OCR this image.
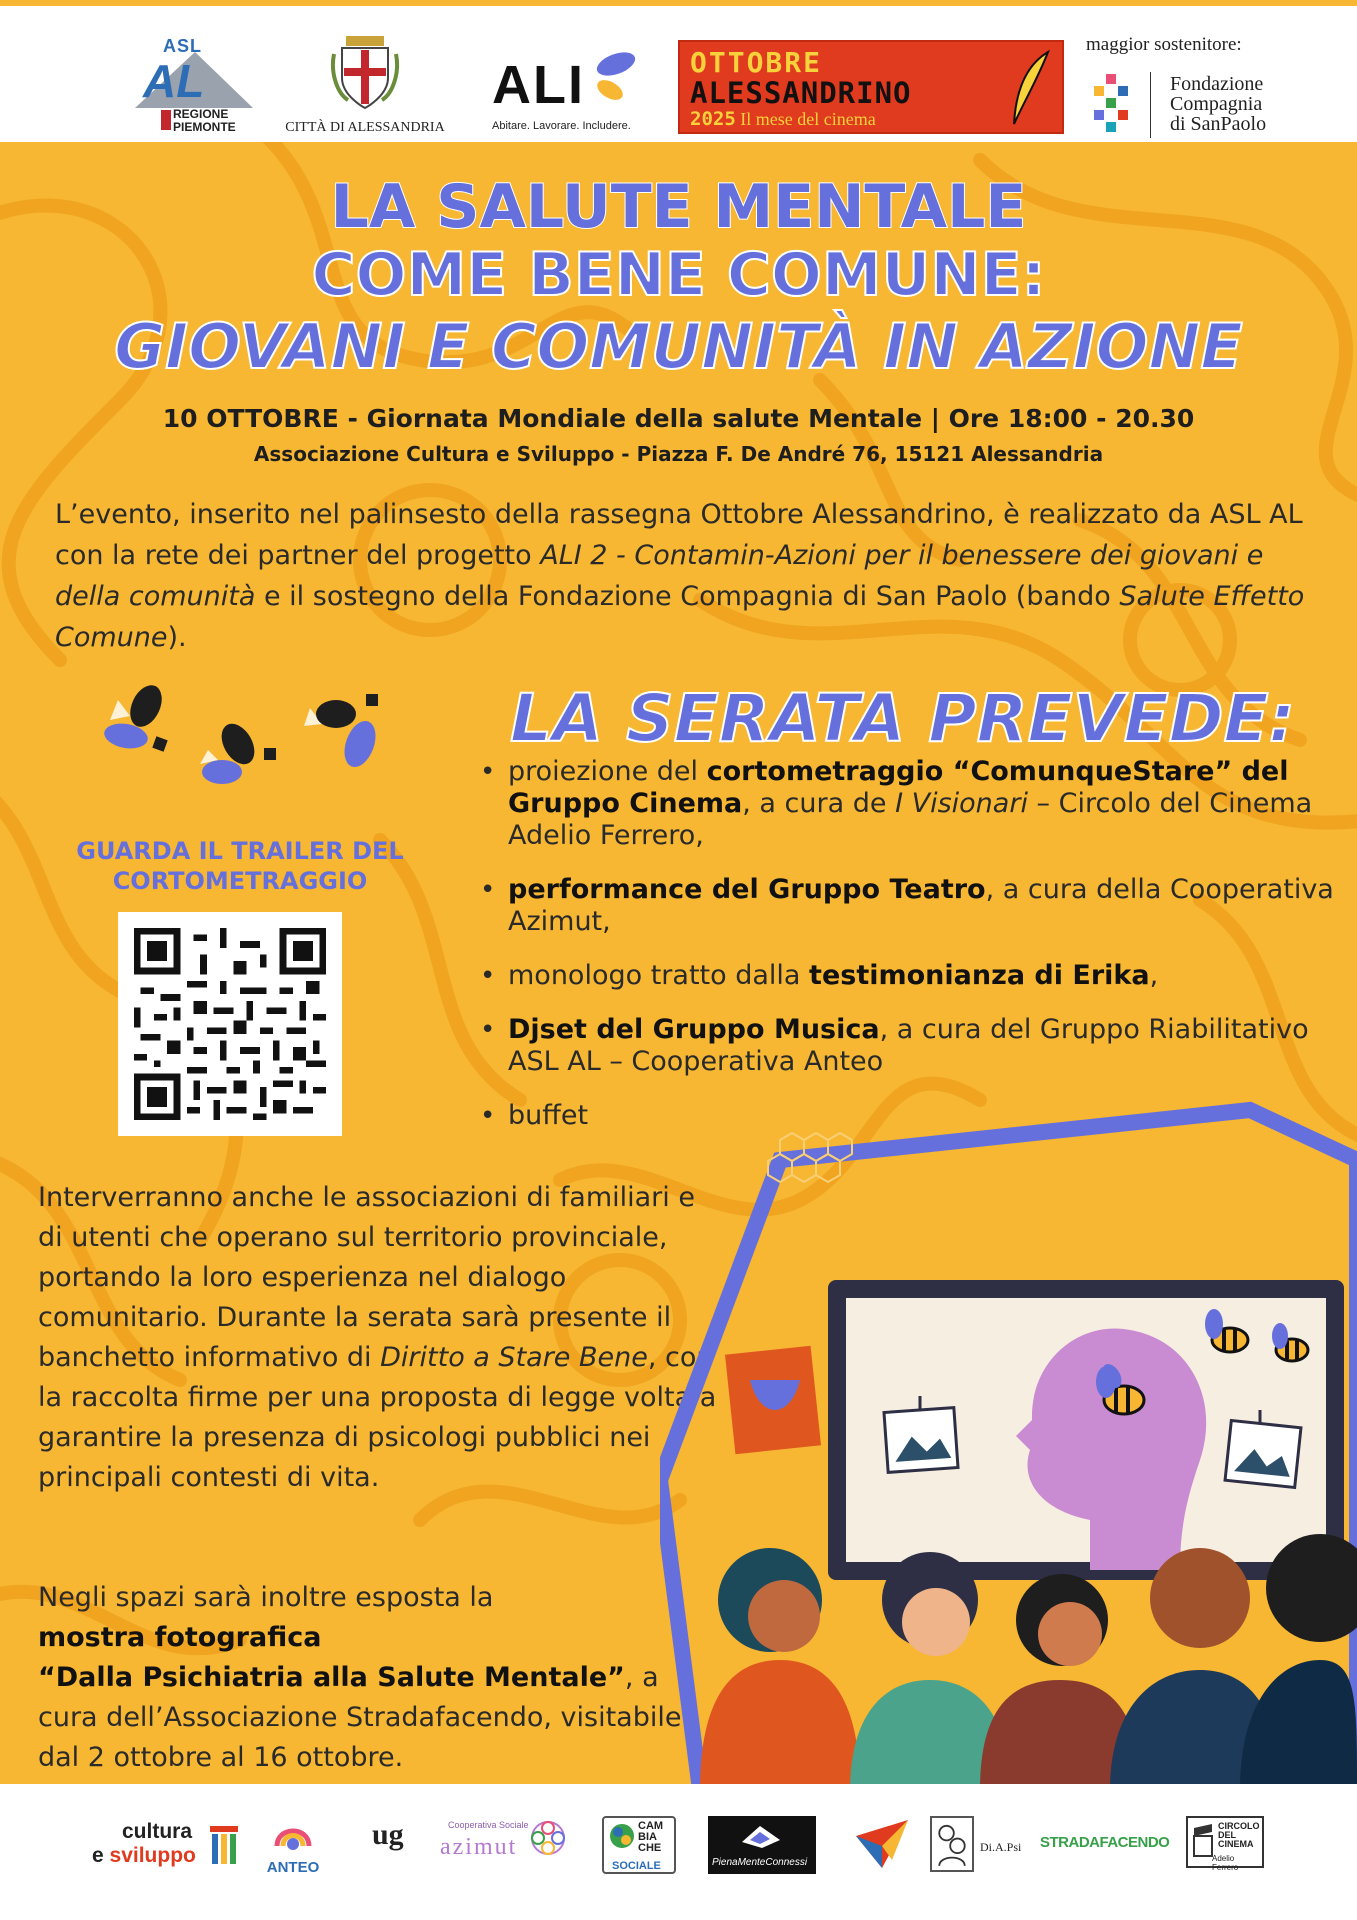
ASL
AL
REGIONE
PIEMONTE	CITTÀ DI ALESSANDRIA
ALI
Abitare. Lavorare. Includere.
OTTOBRE
ALESSANDRINO
2025 Il mese del cinema
maggior sostenitore:
Fondazione
Compagnia
di SanPaolo
LA SALUTE MENTALE
COME BENE COMUNE:
GIOVANI E COMUNITÀ IN AZIONE
10 OTTOBRE - Giornata Mondiale della salute Mentale | Ore 18:00 - 20.30
Associazione Cultura e Sviluppo - Piazza F. De André 76, 15121 Alessandria

L’evento, inserito nel palinsesto della rassegna Ottobre Alessandrino, è realizzato da ASL AL con la rete dei partner del progetto ALI 2 - Contamin-Azioni per il benessere dei giovani e della comunità e il sostegno della Fondazione Compagnia di San Paolo (bando Salute Effetto Comune).

GUARDA IL TRAILER DEL CORTOMETRAGGIO
LA SERATA PREVEDE:
• proiezione del cortometraggio “ComunqueStare” del Gruppo Cinema, a cura de I Visionari – Circolo del Cinema Adelio Ferrero,
• performance del Gruppo Teatro, a cura della Cooperativa Azimut,
• monologo tratto dalla testimonianza di Erika,
• Djset del Gruppo Musica, a cura del Gruppo Riabilitativo ASL AL – Cooperativa Anteo
• buffet

Interverranno anche le associazioni di familiari e di utenti che operano sul territorio provinciale, portando la loro esperienza nel dialogo comunitario. Durante la serata sarà presente il banchetto informativo di Diritto a Stare Bene, con la raccolta firme per una proposta di legge volta a garantire la presenza di psicologi pubblici nei principali contesti di vita.

Negli spazi sarà inoltre esposta la
mostra fotografica
“Dalla Psichiatria alla Salute Mentale”, a cura dell’Associazione Stradafacendo, visitabile dal 2 ottobre al 16 ottobre.

cultura
e sviluppo
ANTEO
ug	Cooperativa Sociale
azimut
CAM
BIA
CHE
SOCIALE	PienaMenteConnessi
Di.A.Psi STRADAFACENDO
CIRCOLO
DEL
CINEMA
Adelio Ferrero
